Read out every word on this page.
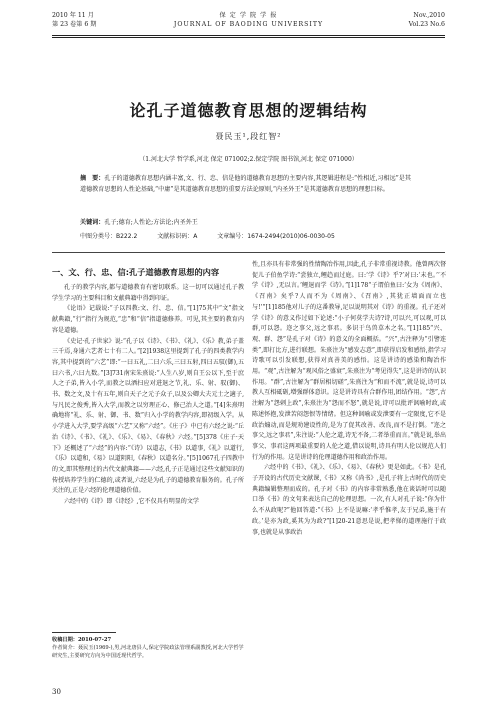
2010 年 11 月
第 23 卷第 6 期
保 定 学 院 学 报
JOURNAL OF BAODING UNIVERSITY
Nov.,2010
Vol.23 No.6
论孔子道德教育思想的逻辑结构
聂民玉¹,段红智²
（1.河北大学 哲学系,河北 保定 071002;2.保定学院 图书馆,河北 保定 071000）
摘　要：孔子的道德教育思想内涵丰富,文、行、忠、信是他的道德教育思想的主要内容,其逻辑进程是:“性相近,习相远”是其道德教育思想的人性论基础,“中庸”是其道德教育思想的重要方法论原则,“内圣外王”是其道德教育思想的理想目标。
关键词：孔子;德育;人性论;方法论;内圣外王
中图分类号：B222.2	文献标识码：A	文章编号：1674-2494(2010)06-0030-05
一、文、行、忠、信:孔子道德教育思想的内容

孔子的教学内容,都与道德教育有密切联系。这一切可以通过孔子教学生学习的主要科目和文献典籍中得到印证。

《论语》记载说:“子以四教:文、行、忠、信。”[1]75其中“文”指文献典籍,“行”指行为规范,“忠”和“信”指道德修养。可见,其主要的教育内容是道德。

《史记·孔子世家》说:“孔子以《诗》、《书》、《礼》、《乐》教,弟子盖三千焉,身通六艺者七十有二人。”[2]1938这里提到了孔子的四类教学内容,其中提到的“六艺”即:“一曰五礼,二曰六乐,三曰五射,四曰五驭(御),五曰六书,六曰九数。”[3]731南宋朱熹说:“人生八岁,则自王公以下,至于庶人之子弟,皆入小学,而教之以洒扫应对进退之节,礼、乐、射、驭(御)、书、数之文,及十有五年,则自天子之元子众子,以及公卿大夫元士之適子,与凡民之俊秀,皆入大学,而教之以穷理正心、修己治人之道。”[4]朱熹明确地将“礼、乐、射、御、书、数”归入小学的教学内容,即初级入学。从小学进入大学,要学高级“六艺”又称“六经”。《庄子》中已有六经之说:“丘治《诗》、《书》、《礼》、《乐》、《易》、《春秋》六经。”[5]378《庄子·天下》还概述了“六经”的内容:“《诗》以道志,《书》以道事,《礼》以道行,《乐》以道和,《易》以道阴阳,《春秋》以道名分。”[5]1067孔子四教中的文,即其整理过的古代文献典籍——六经,孔子正是通过这些文献知识的传授培养学生的仁德的,或者说,六经是为孔子的道德教育服务的。孔子所关注的,正是六经的伦理道德价值。

六经中的《诗》即《诗经》,它不仅具有明显的文学

性,且亦具有非常强的性情陶冶作用,因此,孔子非常重视诗教。他曾两次督促儿子伯鱼学诗:“尝独立,鲤趋而过庭。曰:‘学《诗》乎?’对曰:‘未也。’‘不学《诗》,无以言。’鲤退而学《诗》。”[1]178“子谓伯鱼曰:‘女为《周南》、《召南》矣乎?人而不为《周南》、《召南》,其犹正墙面而立也与!’”[1]185他对儿子的这番教导,足以说明其对《诗》的重视。孔子还对学《诗》的意义作过如下论述:“小子何莫学夫诗?诗,可以兴,可以观,可以群,可以怨。迩之事父,远之事君。多识于鸟兽草木之名。”[1]185“兴、观、群、怨”是孔子对《诗》的意义的全面概括。“兴”,古注释为“引譬连类”,即打比方,进行联想。朱熹注为“感发志意”,即获得启发和感悟,指学习诗歌可以引发联想,获得对真善美的感悟。这是讲诗的感染和陶冶作用。“观”,古注解为“观风俗之盛衰”,朱熹注为“考见得失”,这是讲诗的认识作用。“群”,古注解为“群居相切磋”,朱熹注为“和而不流”,就是说,诗可以教人互相砥砺,增强群体意识。这是讲诗具有合群作用,团结作用。“怨”,古注解为“怨刺上政”,朱熹注为“怨而不怒”,就是说,诗可以批评讽喻时政,或陈述怀抱,发泄苦闷怨恨等情绪。但这种讽喻或发泄要有一定限度,它不是政治煽动,而是规劝建设性的,是为了促其改善、改良,而不是打倒。“迩之事父,远之事君”,朱注说:“人伦之道,诗无不备,二者举重而言。”就是说,举出事父、事君这两项最重要的人伦之道,借以说明,诗具有明人伦以规范人们行为的作用。这是讲诗的伦理道德作用和政治作用。

六经中的《书》、《礼》、《乐》、《易》、《春秋》更是如此。《书》是孔子开设的古代历史文献课,《书》又称《尚书》,是孔子将上古时代的历史典籍编辑整理而成的。孔子对《书》的内容非常熟悉,他在谈话时可以随口举《书》的文句来表达自己的伦理思想。一次,有人对孔子说:“你为什么不从政呢?”他回答道:“《书》上不是说嘛:‘孝乎惟孝,友于兄弟,施于有政。’是亦为政,奚其为为政?”[1]20-21意思是说,把孝悌的道理施行于政事,也就是从事政治

收稿日期：2010-07-27
作者简介：聂民玉(1969-),男,河北唐县人,保定学院政法管理系副教授,河北大学哲学研究生,主要研究方向为中国近现代哲学。
30
